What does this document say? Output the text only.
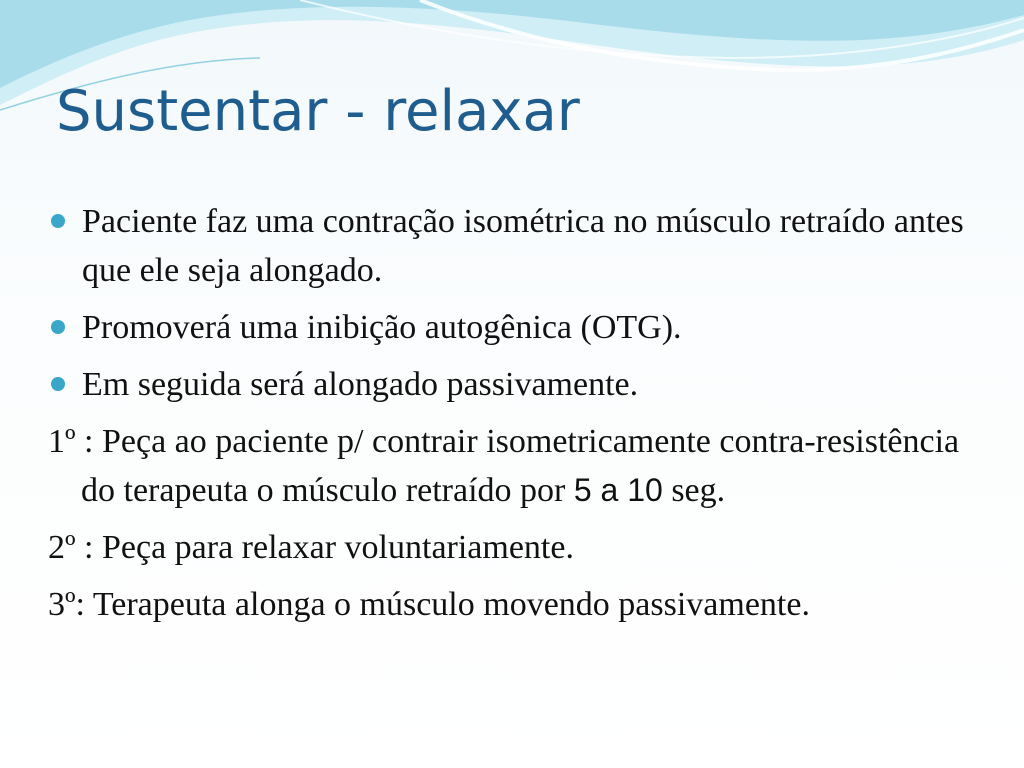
Sustentar - relaxar
Paciente faz uma contração isométrica no músculo retraído antes que ele seja alongado.
Promoverá uma inibição autogênica (OTG).
Em seguida será alongado passivamente.
1º : Peça ao paciente p/ contrair isometricamente contra-resistência do terapeuta o músculo retraído por 5 a 10 seg.
2º : Peça para relaxar voluntariamente.
3º: Terapeuta alonga o músculo movendo passivamente.
